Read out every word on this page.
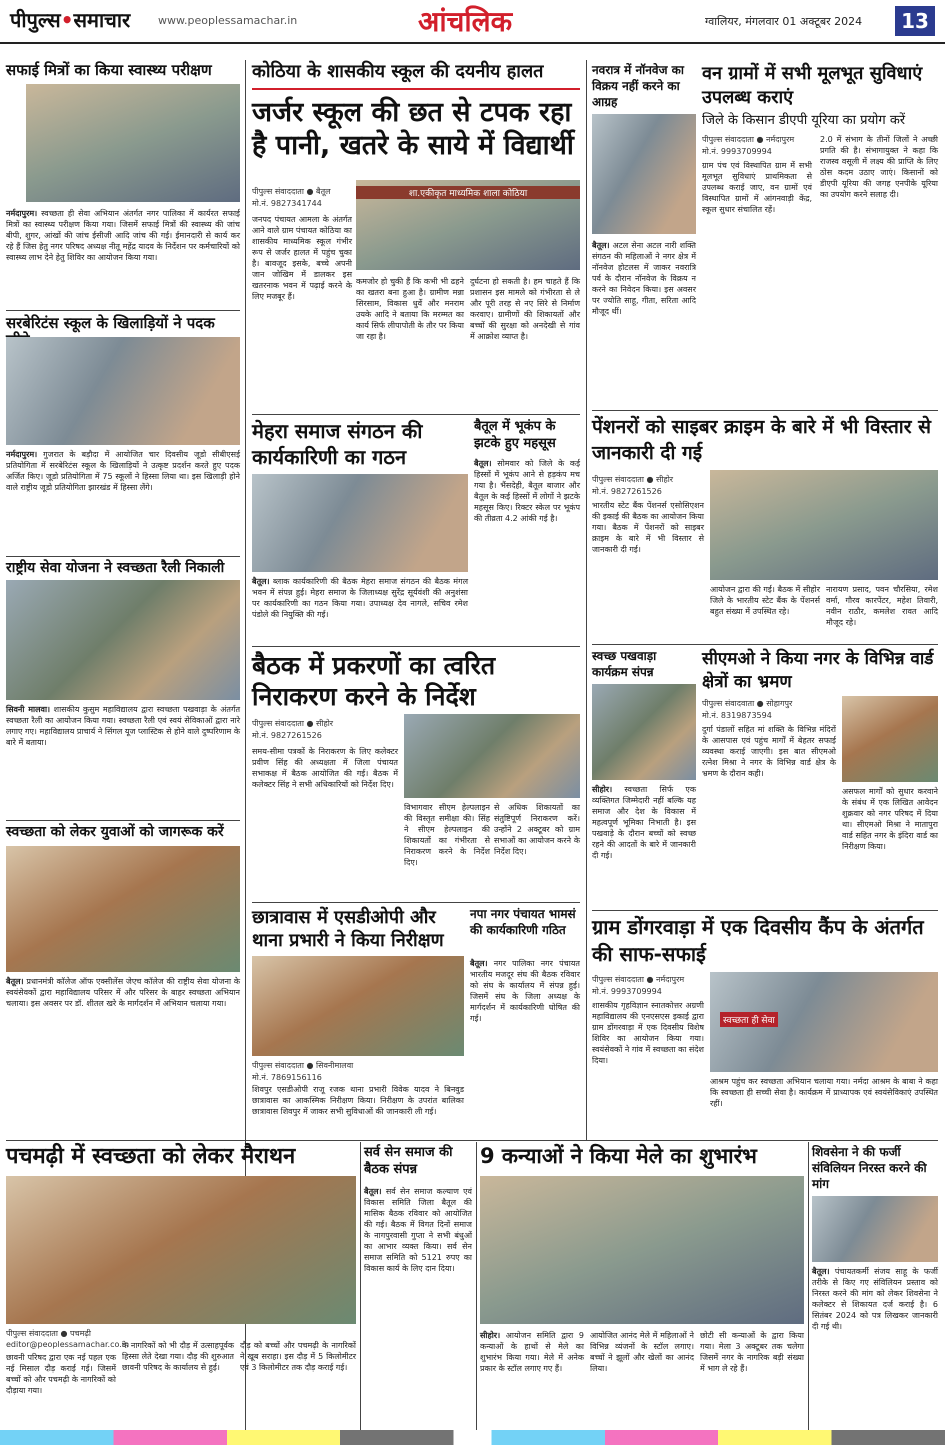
पीपुल्स•समाचार	www.peoplessamachar.in	आंचलिक	ग्वालियर, मंगलवार 01 अक्टूबर 2024	13
सफाई मित्रों का किया स्वास्थ्य परीक्षण
नर्मदापुरम। स्वच्छता ही सेवा अभियान अंतर्गत नगर पालिका में कार्यरत सफाई मित्रों का स्वास्थ्य परीक्षण किया गया। जिसमें सफाई मित्रों की स्वास्थ्य की जांच बीपी, शुगर, आंखों की जांच ईसीजी आदि जांच की गई। ईमानदारी से कार्य कर रहे हैं जिस हेतु नगर परिषद अध्यक्ष नीतू महेंद्र यादव के निर्देशन पर कर्मचारियों को स्वास्थ्य लाभ देने हेतु शिविर का आयोजन किया गया।
सरबेरिटंस स्कूल के खिलाड़ियों ने पदक
नर्मदापुरम। गुजरात के बड़ौदा में आयोजित चार दिवसीय जूडो सीबीएसई प्रतियोगिता में सरबेरिटंस स्कूल के खिलाड़ियों ने उत्कृष्ट प्रदर्शन करते हुए पदक अर्जित किए। जूडो प्रतियोगिता में 75 स्कूलों ने हिस्सा लिया था। इस खिलाड़ी होने वाले राष्ट्रीय जूडो प्रतियोगिता झारखंड में हिस्सा लेंगे।
राष्ट्रीय सेवा योजना ने स्वच्छता रैली निकाली
सिवनी मालवा। शासकीय कुसुम महाविद्यालय द्वारा स्वच्छता पखवाड़ा के अंतर्गत स्वच्छता रैली का आयोजन किया गया। स्वच्छता रैली एवं स्वयं सेविकाओं द्वारा नारे लगाए गए। महाविद्यालय प्राचार्य ने सिंगल यूज प्लास्टिक से होने वाले दुष्परिणाम के बारे में बताया।
स्वच्छता को लेकर युवाओं को जागरूक करें
बैतूल। प्रधानमंत्री कॉलेज ऑफ एक्सीलेंस जेएच कॉलेज की राष्ट्रीय सेवा योजना के स्वयंसेवकों द्वारा महाविद्यालय परिसर में और परिसर के बाहर स्वच्छता अभियान चलाया। इस अवसर पर डॉ. शीतल खरे के मार्गदर्शन में अभियान चलाया गया।
कोठिया के शासकीय स्कूल की दयनीय हालत
जर्जर स्कूल की छत से टपक रहा है पानी, खतरे के साये में विद्यार्थी
पीपुल्स संवाददाता ● बैतूल
मो.नं. 9827341744
शा.एकीकृत माध्यमिक शाला कोठिया
जनपद पंचायत आमला के अंतर्गत आने वाले ग्राम पंचायत कोठिया का शासकीय माध्यमिक स्कूल गंभीर रूप से जर्जर हालत में पहुंच चुका है। बावजूद इसके, बच्चे अपनी जान जोखिम में डालकर इस खतरनाक भवन में पढ़ाई करने के लिए मजबूर हैं।
कमजोर हो चुकी हैं कि कभी भी ढहने का खतरा बना हुआ है। ग्रामीण मन्ना सिरसाम, विकास धुर्वे और मनराम उयके आदि ने बताया कि मरम्मत का कार्य सिर्फ लीपापोती के तौर पर किया जा रहा है।
दुर्घटना हो सकती है। हम चाहते हैं कि प्रशासन इस मामले को गंभीरता से ले और पूरी तरह से नए सिरे से निर्माण करवाए। ग्रामीणों की शिकायतों और बच्चों की सुरक्षा को अनदेखी से गांव में आक्रोश व्याप्त है।
मेहरा समाज संगठन की कार्यकारिणी का गठन
बैतूल। ब्लाक कार्यकारिणी की बैठक मेहरा समाज संगठन की बैठक मंगल भवन में संपन्न हुई। मेहरा समाज के जिलाध्यक्ष सुरेंद्र सूर्यवंशी की अनुशंसा पर कार्यकारिणी का गठन किया गया। उपाध्यक्ष देव नागले, सचिव रमेश पंडोले की नियुक्ति की गई।
बैतूल में भूकंप के झटके हुए महसूस
बैतूल। सोमवार को जिले के कई हिस्सों में भूकंप आने से हड़कंप मच गया है। भैंसदेही, बैतूल बाजार और बैतूल के कई हिस्सों में लोगों ने झटके महसूस किए। रिक्टर स्केल पर भूकंप की तीव्रता 4.2 आंकी गई है।
बैठक में प्रकरणों का त्वरित निराकरण करने के निर्देश
पीपुल्स संवाददाता ● सीहोर
मो.नं. 9827261526
समय-सीमा पत्रकों के निराकरण के लिए कलेक्टर प्रवीण सिंह की अध्यक्षता में जिला पंचायत सभाकक्ष में बैठक आयोजित की गई। बैठक में कलेक्टर सिंह ने सभी अधिकारियों को निर्देश दिए।
विभागवार सीएम हेल्पलाइन की विस्तृत समीक्षा की। सिंह ने सीएम हेल्पलाइन की शिकायतों का गंभीरता से निराकरण करने के निर्देश दिए।
से अधिक शिकायतों का संतुष्टिपूर्ण निराकरण करें। उन्होंने 2 अक्टूबर को ग्राम सभाओं का आयोजन करने के निर्देश दिए।
छात्रावास में एसडीओपी और थाना प्रभारी ने किया निरीक्षण
पीपुल्स संवाददाता ● सिवनीमालवा
मो.नं. 7869156116
शिवपुर एसडीओपी राजू रजक थाना प्रभारी विवेक यादव ने बिनवुड छात्रावास का आकस्मिक निरीक्षण किया। निरीक्षण के उपरांत बालिका छात्रावास शिवपुर में जाकर सभी सुविधाओं की जानकारी ली गई।
नपा नगर पंचायत भामसं की कार्यकारिणी गठित
बैतूल। नगर पालिका नगर पंचायत भारतीय मजदूर संघ की बैठक रविवार को संघ के कार्यालय में संपन्न हुई। जिसमें संघ के जिला अध्यक्ष के मार्गदर्शन में कार्यकारिणी घोषित की गई।
नवरात्र में नॉनवेज का विक्रय नहीं करने का आग्रह
बैतूल। अटल सेना अटल नारी शक्ति संगठन की महिलाओं ने नगर क्षेत्र में नॉनवेज होटलस में जाकर नवरात्रि पर्व के दौरान नॉनवेज के विक्रय न करने का निवेदन किया। इस अवसर पर ज्योति साहू, गीता, सरिता आदि मौजूद थीं।
वन ग्रामों में सभी मूलभूत सुविधाएं उपलब्ध कराएं
जिले के किसान डीएपी यूरिया का प्रयोग करें
पीपुल्स संवाददाता ● नर्मदापुरम
मो.नं. 9993709994
ग्राम पंच एवं विस्थापित ग्राम में सभी मूलभूत सुविधाएं प्राथमिकता से उपलब्ध कराई जाए, वन ग्रामों एवं विस्थापित ग्रामों में आंगनवाड़ी केंद्र, स्कूल सुधार संचालित रहें।
2.0 में संभाग के तीनों जिलों ने अच्छी प्रगति की है। संभागायुक्त ने कहा कि राजस्व वसूली में लक्ष्य की प्राप्ति के लिए ठोस कदम उठाए जाएं। किसानों को डीएपी यूरिया की जगह एनपीके यूरिया का उपयोग करने सलाह दी।
पेंशनरों को साइबर क्राइम के बारे में भी विस्तार से जानकारी दी गई
पीपुल्स संवाददाता ● सीहोर
मो.नं. 9827261526
भारतीय स्टेट बैंक पेंशनर्स एसोसिएशन की इकाई की बैठक का आयोजन किया गया। बैठक में पेंशनरों को साइबर क्राइम के बारे में भी विस्तार से जानकारी दी गई।
आयोजन द्वारा की गई। बैठक में सीहोर जिले के भारतीय स्टेट बैंक के पेंशनर्स बहुत संख्या में उपस्थित रहे।
नारायण प्रसाद, पवन चौरसिया, रमेश वर्मा, गौरव कारपेंटर, महेश तिवारी, नवीन राठौर, कमलेश रावत आदि मौजूद रहे।
स्वच्छ पखवाड़ा कार्यक्रम संपन्न
सीहोर। स्वच्छता सिर्फ एक व्यक्तिगत जिम्मेदारी नहीं बल्कि यह समाज और देश के विकास में महत्वपूर्ण भूमिका निभाती है। इस पखवाड़े के दौरान बच्चों को स्वच्छ रहने की आदतों के बारे में जानकारी दी गई।
सीएमओ ने किया नगर के विभिन्न वार्ड क्षेत्रों का भ्रमण
पीपुल्स संवादवाता ● सोहागपुर
मो.नं. 8319873594
दुर्गा पंडालों सहित मां शक्ति के विभिन्न मंदिरों के आसपास एवं पहुंच मार्गों में बेहतर सफाई व्यवस्था कराई जाएगी। इस बात सीएमओ रत्नेश मिश्रा ने नगर के विभिन्न वार्ड क्षेत्र के भ्रमण के दौरान कही।
असफल मार्गों को सुधार करवाने के संबंध में एक लिखित आवेदन शुक्रवार को नगर परिषद में दिया था। सीएमओ मिश्रा ने मातापुरा वार्ड सहित नगर के इंदिरा वार्ड का निरीक्षण किया।
ग्राम डोंगरवाड़ा में एक दिवसीय कैंप के अंतर्गत की साफ-सफाई
पीपुल्स संवाददाता ● नर्मदापुरम
मो.नं. 9993709994
स्वच्छता ही सेवा
शासकीय गृहविज्ञान स्नातकोत्तर अग्रणी महाविद्यालय की एनएसएस इकाई द्वारा ग्राम डोंगरवाड़ा में एक दिवसीय विशेष शिविर का आयोजन किया गया। स्वयंसेवकों ने गांव में स्वच्छता का संदेश दिया।
आश्रम पहुंच कर स्वच्छता अभियान चलाया गया। नर्मदा आश्रम के बाबा ने कहा कि स्वच्छता ही सच्ची सेवा है। कार्यक्रम में प्राध्यापक एवं स्वयंसेविकाएं उपस्थित रहीं।
पचमढ़ी में स्वच्छता को लेकर मैराथन
पीपुल्स संवाददाता ● पचमढ़ी
editor@peoplessamachar.co.in
छावनी परिषद द्वारा एक नई पहल एक नई मिसाल दौड़ कराई गई। जिसमें बच्चों को और पचमढ़ी के नागरिकों को दौड़ाया गया।
के नागरिकों को भी दौड़ में उत्साहपूर्वक हिस्सा लेते देखा गया। दौड़ की शुरुआत छावनी परिषद के कार्यालय से हुई।
दौड़ को बच्चों और पचमढ़ी के नागरिकों ने खूब सराहा। इस दौड़ में 5 किलोमीटर एवं 3 किलोमीटर तक दौड़ कराई गई।
सर्व सेन समाज की बैठक संपन्न
बैतूल। सर्व सेन समाज कल्याण एवं विकास समिति जिला बैतूल की मासिक बैठक रविवार को आयोजित की गई। बैठक में विगत दिनों समाज के नागपुरवासी गुप्ता ने सभी बंधुओं का आभार व्यक्त किया। सर्व सेन समाज समिति को 5121 रुपए का विकास कार्य के लिए दान दिया।
9 कन्याओं ने किया मेले का शुभारंभ
सीहोर। आयोजन समिति द्वारा 9 कन्याओं के हाथों से मेले का शुभारंभ किया गया। मेले में अनेक प्रकार के स्टॉल लगाए गए हैं।
आयोजित आनंद मेले में महिलाओं ने विभिन्न व्यंजनों के स्टॉल लगाए। बच्चों ने झूलों और खेलों का आनंद लिया।
छोटी सी कन्याओं के द्वारा किया गया। मेला 3 अक्टूबर तक चलेगा जिसमें नगर के नागरिक बड़ी संख्या में भाग ले रहे हैं।
शिवसेना ने की फर्जी संविलियन निरस्त करने की मांग
बैतूल। पंचायतकर्मी संजय साहू के फर्जी तरीके से किए गए संविलियन प्रस्ताव को निरस्त करने की मांग को लेकर शिवसेना ने कलेक्टर से शिकायत दर्ज कराई है। 6 सितंबर 2024 को पत्र लिखकर जानकारी दी गई थी।
